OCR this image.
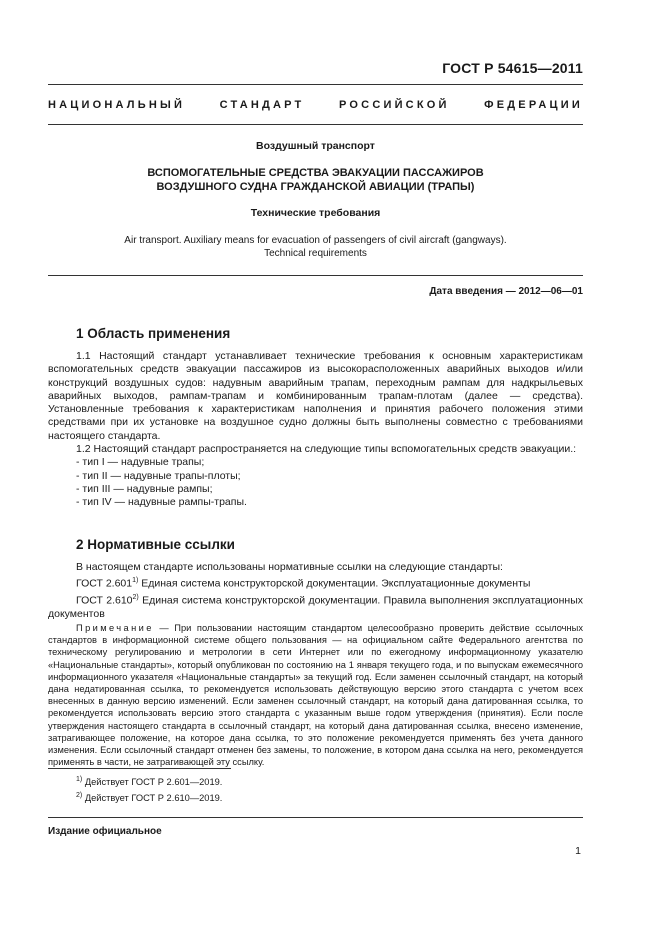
ГОСТ Р 54615—2011
НАЦИОНАЛЬНЫЙ СТАНДАРТ РОССИЙСКОЙ ФЕДЕРАЦИИ
Воздушный транспорт
ВСПОМОГАТЕЛЬНЫЕ СРЕДСТВА ЭВАКУАЦИИ ПАССАЖИРОВ
ВОЗДУШНОГО СУДНА ГРАЖДАНСКОЙ АВИАЦИИ (ТРАПЫ)
Технические требования
Air transport. Auxiliary means for evacuation of passengers of civil aircraft (gangways).
Technical requirements
Дата введения — 2012—06—01
1 Область применения

1.1 Настоящий стандарт устанавливает технические требования к основным характеристикам вспомогательных средств эвакуации пассажиров из высокорасположенных аварийных выходов и/или конструкций воздушных судов: надувным аварийным трапам, переходным рампам для надкрыльевых аварийных выходов, рампам-трапам и комбинированным трапам-плотам (далее — средства). Установленные требования к характеристикам наполнения и принятия рабочего положения этими средствами при их установке на воздушное судно должны быть выполнены совместно с требованиями настоящего стандарта.

1.2 Настоящий стандарт распространяется на следующие типы вспомогательных средств эвакуации.:

- тип I — надувные трапы;

- тип II — надувные трапы-плоты;

- тип III — надувные рампы;

- тип IV — надувные рампы-трапы.

2 Нормативные ссылки

В настоящем стандарте использованы нормативные ссылки на следующие стандарты:

ГОСТ 2.601$^{1)}$ Единая система конструкторской документации. Эксплуатационные документы

ГОСТ 2.610$^{2)}$ Единая система конструкторской документации. Правила выполнения эксплуатационных документов

Примечание — При пользовании настоящим стандартом целесообразно проверить действие ссылочных стандартов в информационной системе общего пользования — на официальном сайте Федерального агентства по техническому регулированию и метрологии в сети Интернет или по ежегодному информационному указателю «Национальные стандарты», который опубликован по состоянию на 1 января текущего года, и по выпускам ежемесячного информационного указателя «Национальные стандарты» за текущий год. Если заменен ссылочный стандарт, на который дана недатированная ссылка, то рекомендуется использовать действующую версию этого стандарта с учетом всех внесенных в данную версию изменений. Если заменен ссылочный стандарт, на который дана датированная ссылка, то рекомендуется использовать версию этого стандарта с указанным выше годом утверждения (принятия). Если после утверждения настоящего стандарта в ссылочный стандарт, на который дана датированная ссылка, внесено изменение, затрагивающее положение, на которое дана ссылка, то это положение рекомендуется применять без учета данного изменения. Если ссылочный стандарт отменен без замены, то положение, в котором дана ссылка на него, рекомендуется применять в части, не затрагивающей эту ссылку.

$^{1)}$ Действует ГОСТ Р 2.601—2019.
$^{2)}$ Действует ГОСТ Р 2.610—2019.
Издание официальное
1
